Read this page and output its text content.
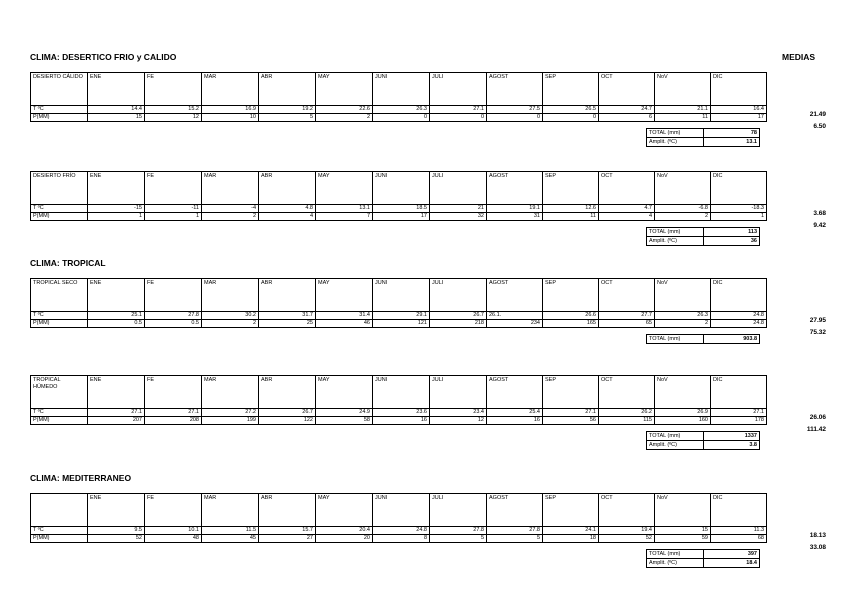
MEDIAS
CLIMA: DESERTICO FRIO y CALIDO
CLIMA: TROPICAL
CLIMA: MEDITERRANEO
DESIERTO CÁLIDO	ENE	FE	MAR	ABR	MAY	JUNI	JULI	AGOST	SEP	OCT	NoV	DIC
T ºC	14.4	15.2	16.9	19.2	22.6	26.3	27.1	27.5	26.5	24.7	21.1	16.4
P(MM)	15	12	10	5	2	0	0	0	0	6	11	17
TOTAL (mm)	78
Amplit. (ºC)	13.1
21.49
6.50
DESIERTO FRÍO	ENE	FE	MAR	ABR	MAY	JUNI	JULI	AGOST	SEP	OCT	NoV	DIC
T ºC	-15	-11	-4	4.8	13.1	18.5	21	19.1	12.6	4.7	-6.8	-18.3
P(MM)	1	1	2	4	7	17	32	31	11	4	2	1
TOTAL (mm)	113
Amplit. (ºC)	36
3.68
9.42
TROPICAL SECO	ENE	FE	MAR	ABR	MAY	JUNI	JULI	AGOST	SEP	OCT	NoV	DIC
T ºC	25.1	27.8	30.2	31.7	31.4	29.1	26.7	26.1.	26.6	27.7	26.3	24.8
P(MM)	0.5	0.5	2	25	46	121	218	234	165	65	2	24.8
TOTAL (mm)	903.8
27.95
75.32
TROPICAL HÚMEDO	ENE	FE	MAR	ABR	MAY	JUNI	JULI	AGOST	SEP	OCT	NoV	DIC
T ºC	27.1	27.1	27.2	26.7	24.9	23.6	23.4	25.4	27.1	26.2	26.9	27.1
P(MM)	207	208	199	122	58	16	12	16	56	115	160	178
TOTAL (mm)	1337
Amplit. (ºC)	3.8
26.06
111.42
	ENE	FE	MAR	ABR	MAY	JUNI	JULI	AGOST	SEP	OCT	NoV	DIC
T ºC	9.5	10.1	11.5	15.7	20.4	24.8	27.8	27.8	24.1	19.4	15	11.3
P(MM)	52	48	45	27	20	8	5	5	18	52	59	68
TOTAL (mm)	397
Amplit. (ºC)	18.4
18.13
33.08
